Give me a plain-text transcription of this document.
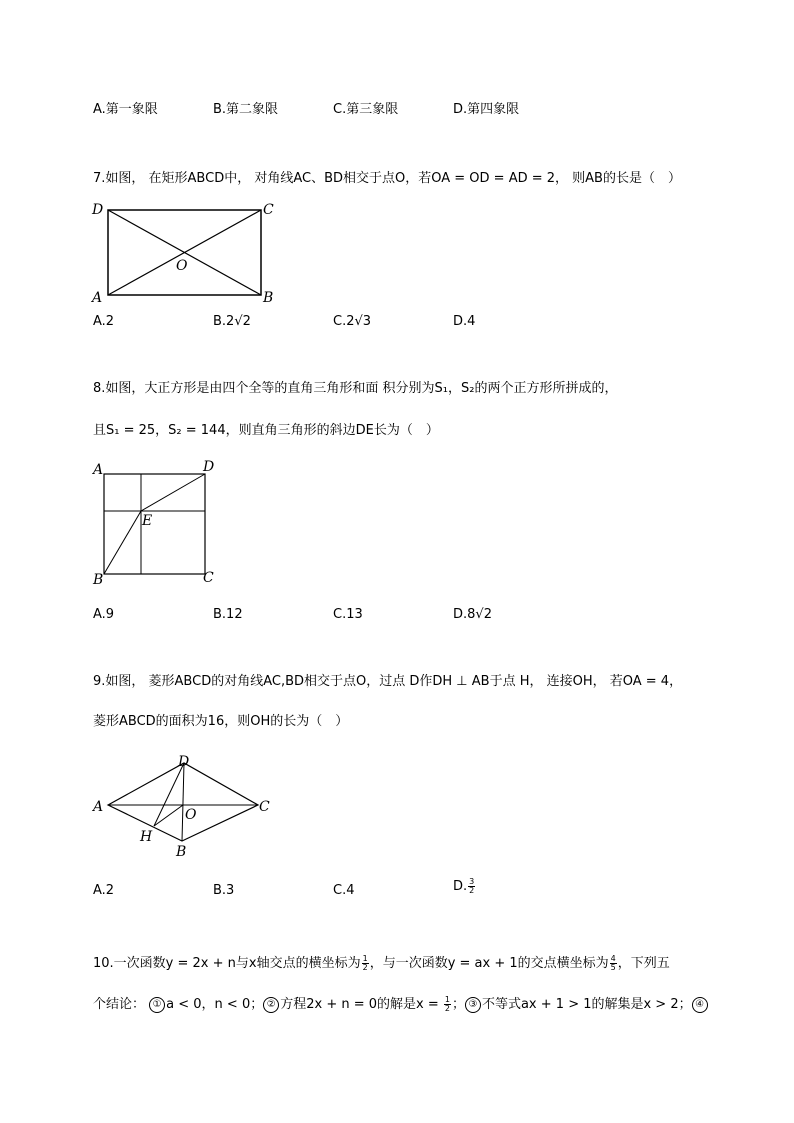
A.第一象限	B.第二象限	C.第三象限	D.第四象限
7.如图， 在矩形ABCD中， 对角线AC、BD相交于点O，若OA = OD = AD = 2， 则AB的长是（　）
D	C
O
A	B
A.2	B.2√2	C.2√3	D.4
8.如图，大正方形是由四个全等的直角三角形和面 积分别为S₁，S₂的两个正方形所拼成的，
且S₁ = 25，S₂ = 144，则直角三角形的斜边DE长为（　）
A	D
E
B	C
A.9	B.12	C.13	D.8√2
9.如图， 菱形ABCD的对角线AC,BD相交于点O，过点 D作DH ⊥ AB于点 H， 连接OH， 若OA = 4，
菱形ABCD的面积为16，则OH的长为（　）
A
D
C
O
H
B
A.2	B.3	C.4	D. $\frac{3}{2}$
10.一次函数y = 2x + n与x轴交点的横坐标为 $\frac{1}{2}$ ，与一次函数y = ax + 1的交点横坐标为 $\frac{4}{5}$ ，下列五
个结论： ① a < 0，n < 0； ② 方程2x + n = 0的解是$x = \frac{1}{2}$ ； ③ 不等式ax + 1 > 1的解集是x > 2； ④
